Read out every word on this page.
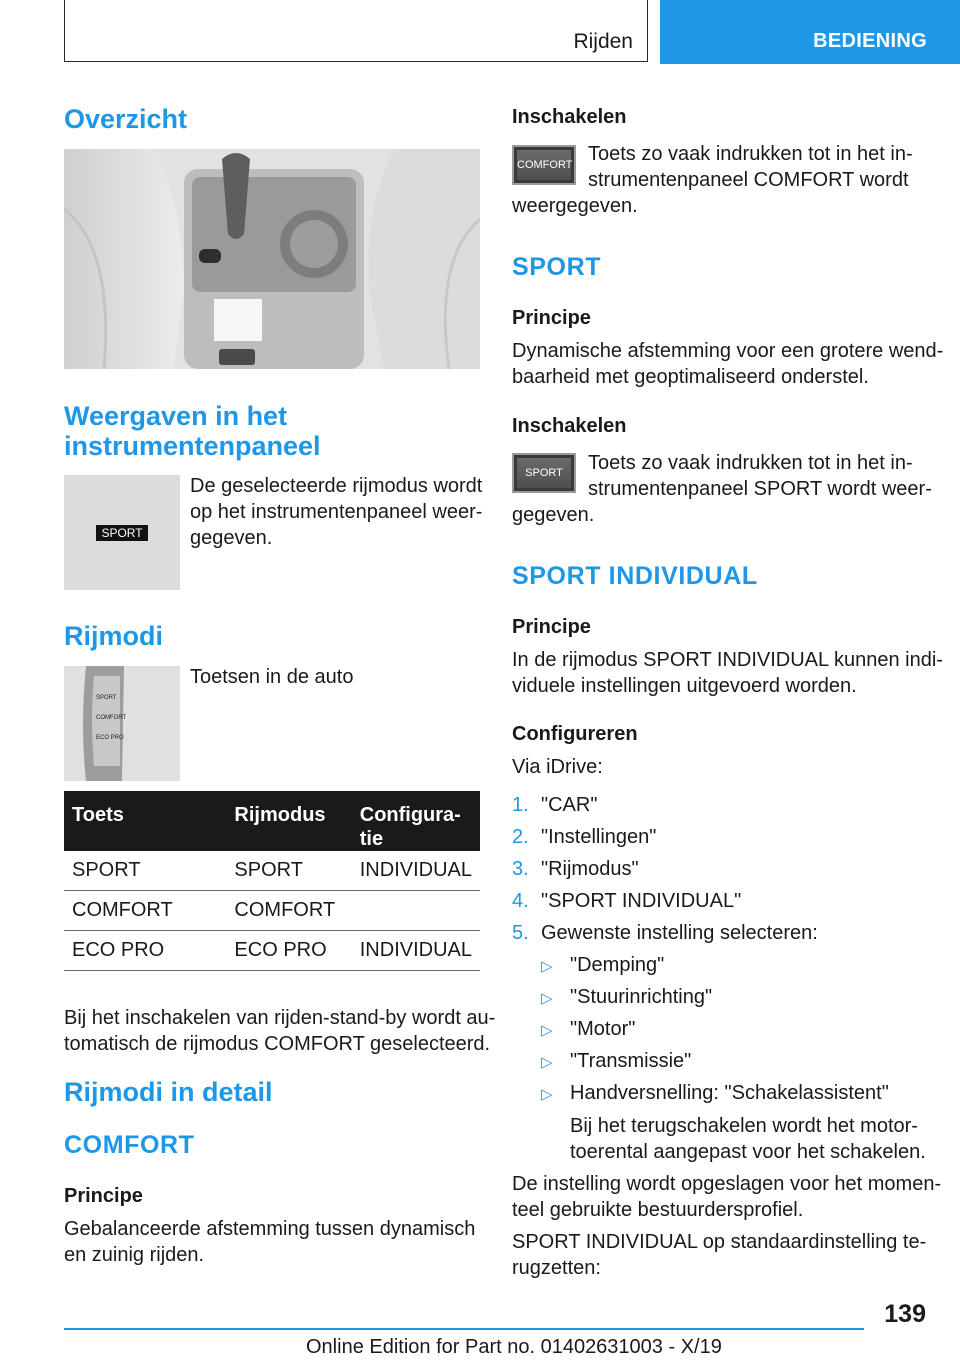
Rijden	BEDIENING
Overzicht
Weergaven in het
instrumentenpaneel
SPORT
De geselecteerde rijmodus wordt
op het instrumentenpaneel weer-
gegeven.
Rijmodi
SPORT
COMFORT
ECO PRO
Toetsen in de auto
Toets	Rijmodus	Configura-
tie
SPORT	SPORT	INDIVIDUAL
COMFORT	COMFORT	
ECO PRO	ECO PRO	INDIVIDUAL
Bij het inschakelen van rijden-stand-by wordt au-
tomatisch de rijmodus COMFORT geselecteerd.
Rijmodi in detail
COMFORT
Principe
Gebalanceerde afstemming tussen dynamisch
en zuinig rijden.
Inschakelen
COMFORT Toets zo vaak indrukken tot in het in-
strumentenpaneel COMFORT wordt
weergegeven.
SPORT
Principe
Dynamische afstemming voor een grotere wend-
baarheid met geoptimaliseerd onderstel.
Inschakelen
SPORT	Toets zo vaak indrukken tot in het in-
strumentenpaneel SPORT wordt weer-
gegeven.
SPORT INDIVIDUAL
Principe
In de rijmodus SPORT INDIVIDUAL kunnen indi-
viduele instellingen uitgevoerd worden.
Configureren
Via iDrive:
1. "CAR"
2. "Instellingen"
3. "Rijmodus"
4. "SPORT INDIVIDUAL"
5. Gewenste instelling selecteren:
▷ "Demping"
▷ "Stuurinrichting"
▷ "Motor"
▷ "Transmissie"
▷ Handversnelling: "Schakelassistent"
Bij het terugschakelen wordt het motor-
toerental aangepast voor het schakelen.
De instelling wordt opgeslagen voor het momen-
teel gebruikte bestuurdersprofiel.
SPORT INDIVIDUAL op standaardinstelling te-
rugzetten:
139
Online Edition for Part no. 01402631003 - X/19
